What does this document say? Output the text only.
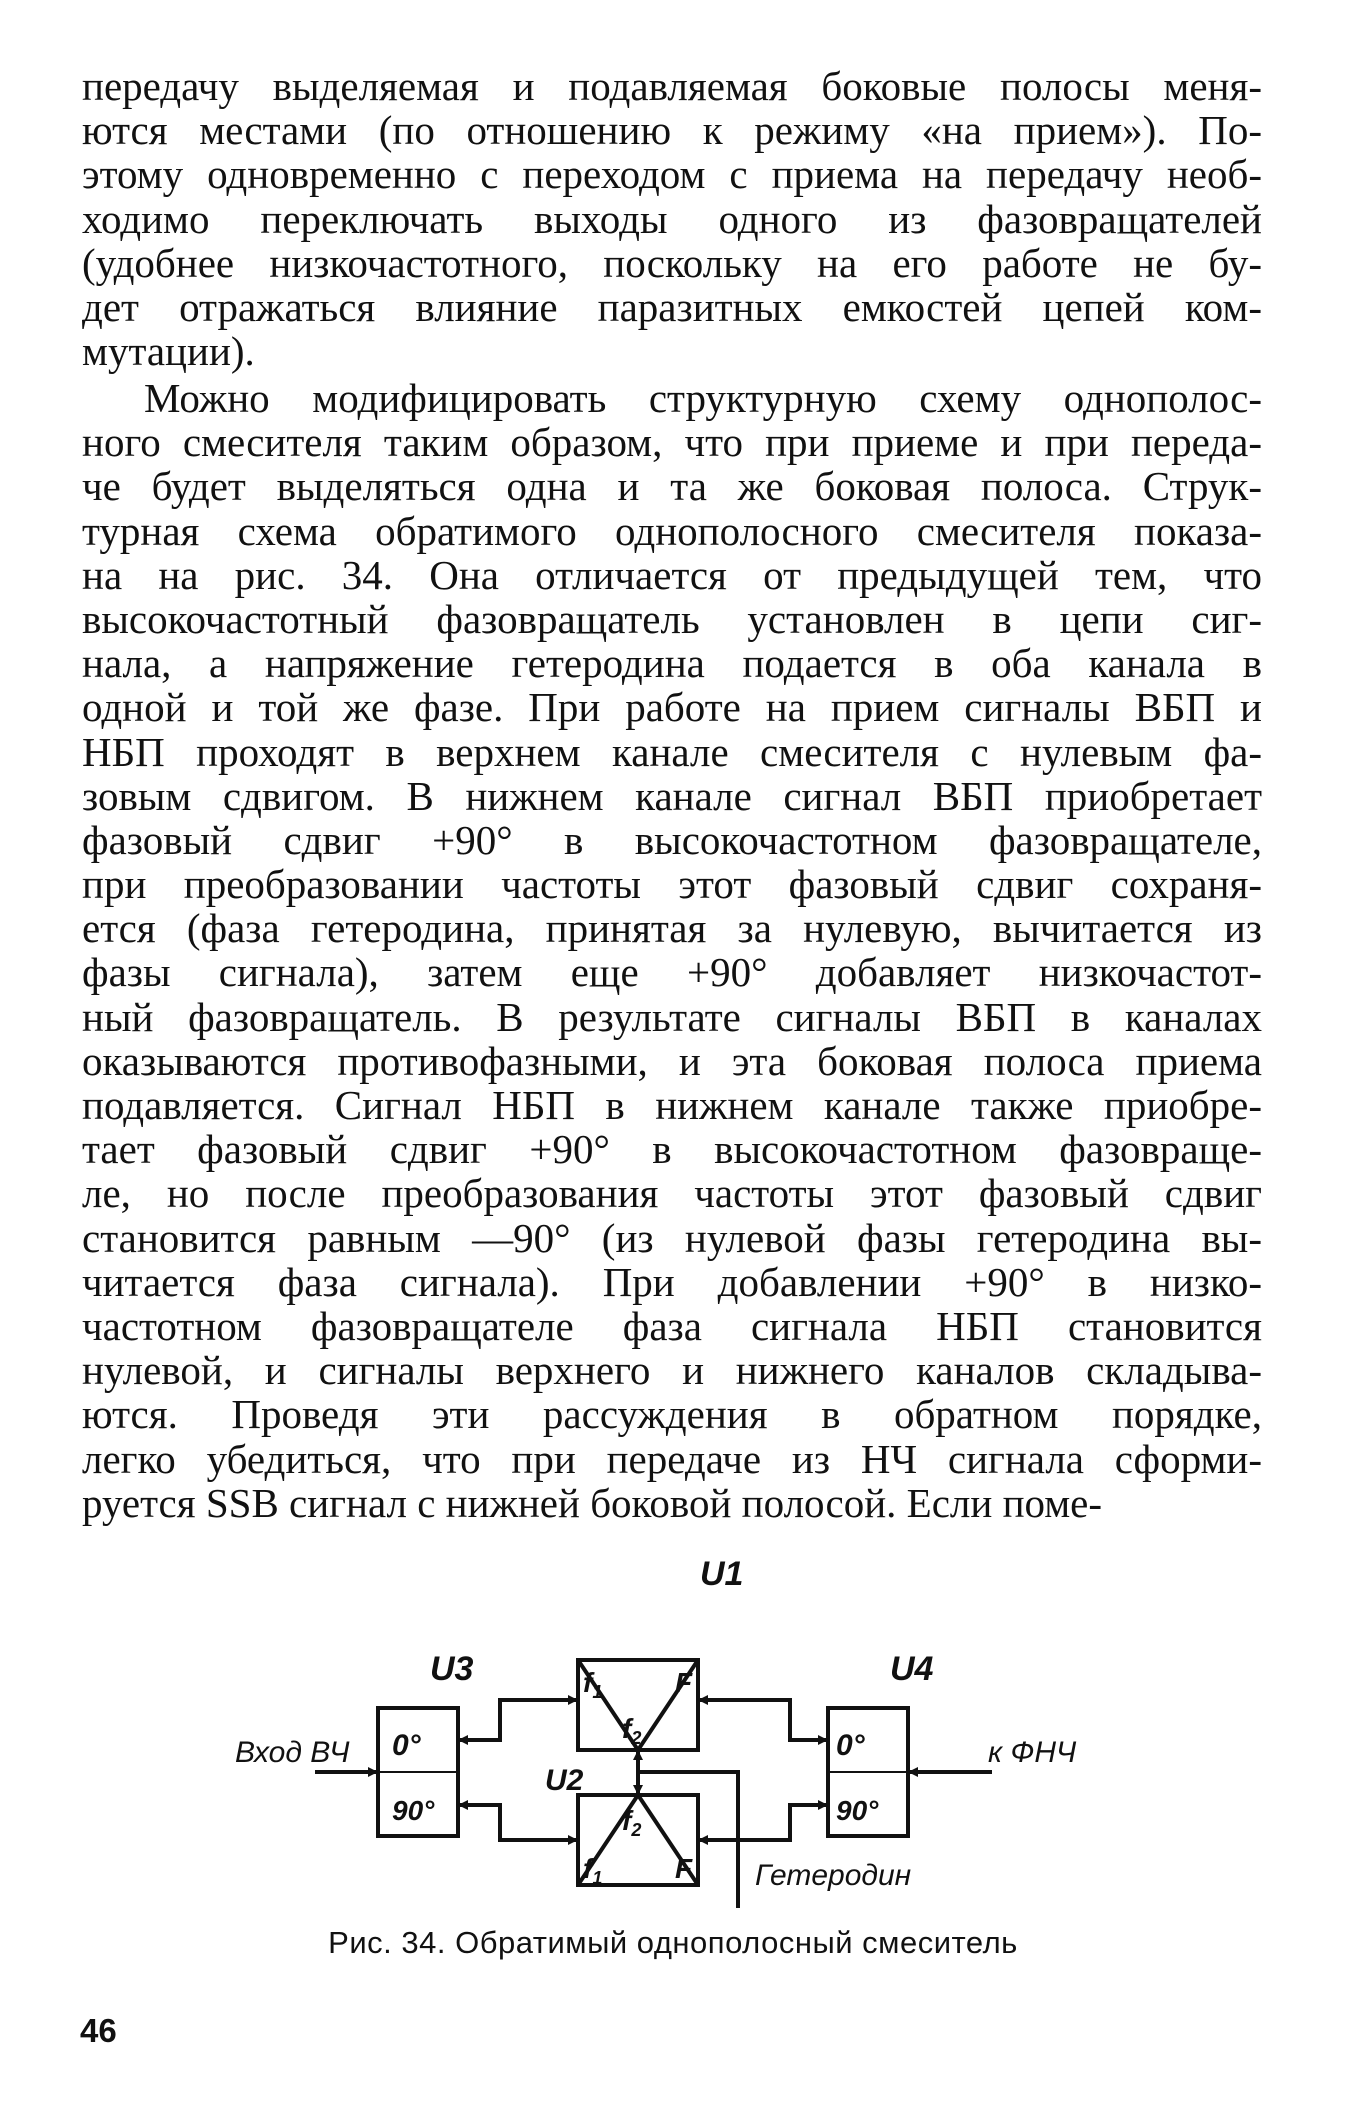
передачу выделяемая и подавляемая боковые полосы меня-
ются местами (по отношению к режиму «на прием»). По-
этому одновременно с переходом с приема на передачу необ-
ходимо переключать выходы одного из фазовращателей
(удобнее низкочастотного, поскольку на его работе не бу-
дет отражаться влияние паразитных емкостей цепей ком-
мутации).
Можно модифицировать структурную схему однополос-
ного смесителя таким образом, что при приеме и при переда-
че будет выделяться одна и та же боковая полоса. Струк-
турная схема обратимого однополосного смесителя показа-
на на рис. 34. Она отличается от предыдущей тем, что
высокочастотный фазовращатель установлен в цепи сиг-
нала, а напряжение гетеродина подается в оба канала в
одной и той же фазе. При работе на прием сигналы ВБП и
НБП проходят в верхнем канале смесителя с нулевым фа-
зовым сдвигом. В нижнем канале сигнал ВБП приобретает
фазовый сдвиг +90° в высокочастотном фазовращателе,
при преобразовании частоты этот фазовый сдвиг сохраня-
ется (фаза гетеродина, принятая за нулевую, вычитается из
фазы сигнала), затем еще +90° добавляет низкочастот-
ный фазовращатель. В результате сигналы ВБП в каналах
оказываются противофазными, и эта боковая полоса приема
подавляется. Сигнал НБП в нижнем канале также приобре-
тает фазовый сдвиг +90° в высокочастотном фазовраще-
ле, но после преобразования частоты этот фазовый сдвиг
становится равным —90° (из нулевой фазы гетеродина вы-
читается фаза сигнала). При добавлении +90° в низко-
частотном фазовращателе фаза сигнала НБП становится
нулевой, и сигналы верхнего и нижнего каналов складыва-
ются. Проведя эти рассуждения в обратном порядке,
легко убедиться, что при передаче из НЧ сигнала сформи-
руется SSB сигнал с нижней боковой полосой. Если поме-
U1
U2
U3	U4
0°
90°
0°
90°
$f_1$	F
$f_2$
$f_2$
$f_1$	F
Вход ВЧ	к ФНЧ
Гетеродин
Рис. 34. Обратимый однополосный смеситель
46
